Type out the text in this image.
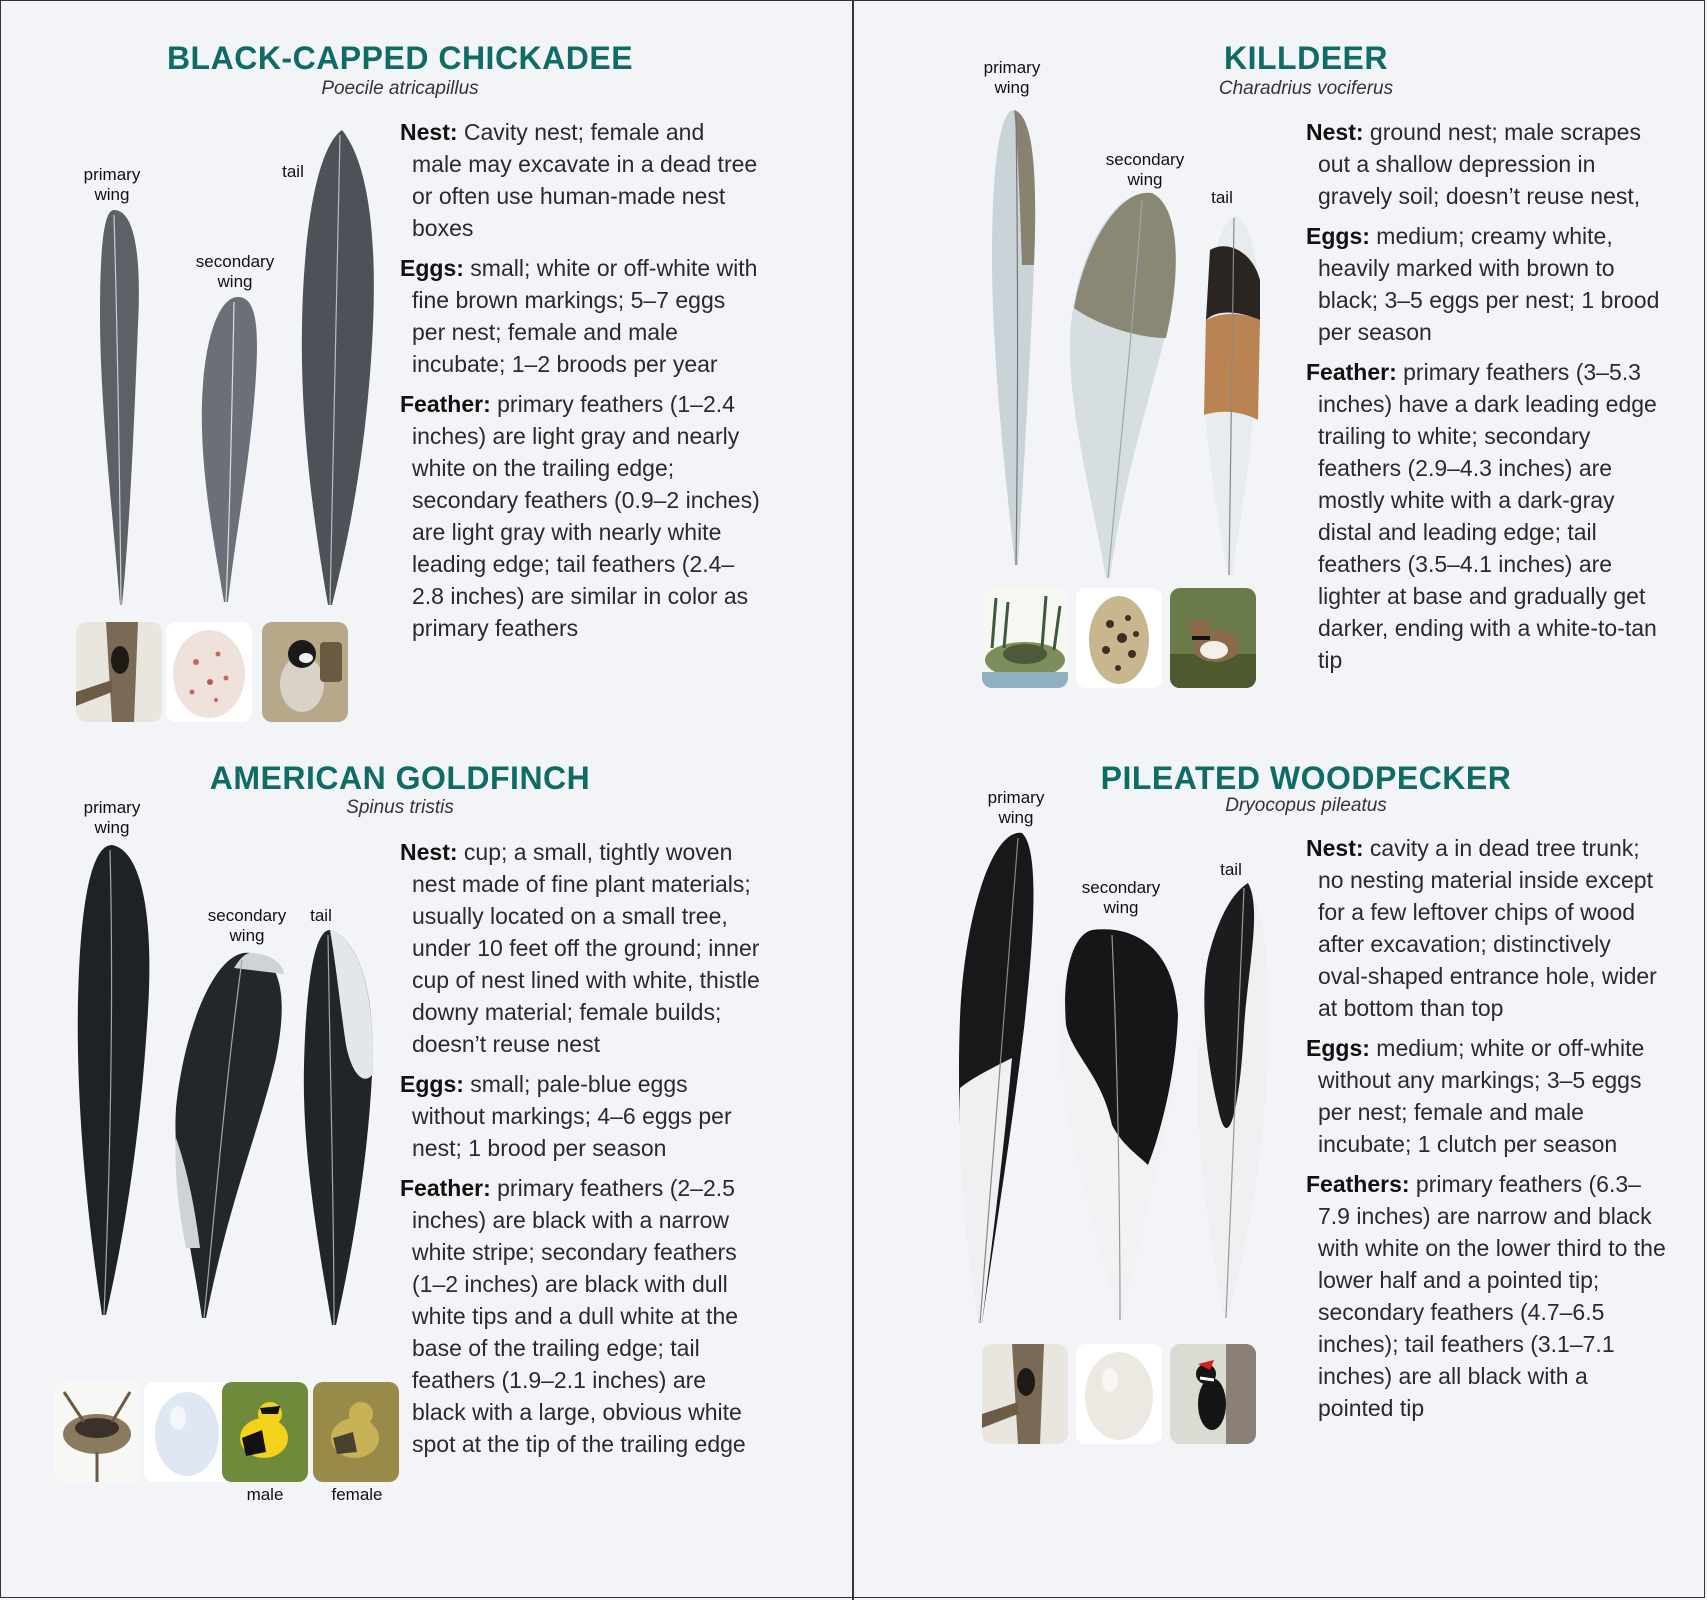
BLACK-CAPPED CHICKADEE
Poecile atricapillus
primary
wing
secondary
wing
tail

Nest: Cavity nest; female and male may excavate in a dead tree or often use human-made nest boxes

Eggs: small; white or off-white with fine brown markings; 5–7 eggs per nest; female and male incubate; 1–2 broods per year

Feather: primary feathers (1–2.4 inches) are light gray and nearly white on the trailing edge; secondary feathers (0.9–2 inches) are light gray with nearly white leading edge; tail feathers (2.4–2.8 inches) are similar in color as primary feathers

KILLDEER
Charadrius vociferus
primary
wing
secondary
wing
tail

Nest: ground nest; male scrapes out a shallow depression in gravely soil; doesn’t reuse nest,

Eggs: medium; creamy white, heavily marked with brown to black; 3–5 eggs per nest; 1 brood per season

Feather: primary feathers (3–5.3 inches) have a dark leading edge trailing to white; secondary feathers (2.9–4.3 inches) are mostly white with a dark-gray distal and leading edge; tail feathers (3.5–4.1 inches) are lighter at base and gradually get darker, ending with a white-to-tan tip

AMERICAN GOLDFINCH
Spinus tristis
primary
wing
secondary
wing
tail
male	female

Nest: cup; a small, tightly woven nest made of fine plant materials; usually located on a small tree, under 10 feet off the ground; inner cup of nest lined with white, thistle downy material; female builds; doesn’t reuse nest

Eggs: small; pale-blue eggs without markings; 4–6 eggs per nest; 1 brood per season

Feather: primary feathers (2–2.5 inches) are black with a narrow white stripe; secondary feathers (1–2 inches) are black with dull white tips and a dull white at the base of the trailing edge; tail feathers (1.9–2.1 inches) are black with a large, obvious white spot at the tip of the trailing edge

PILEATED WOODPECKER
Dryocopus pileatus
primary
wing
secondary
wing
tail

Nest: cavity a in dead tree trunk; no nesting material inside except for a few leftover chips of wood after excavation; distinctively oval-shaped entrance hole, wider at bottom than top

Eggs: medium; white or off-white without any markings; 3–5 eggs per nest; female and male incubate; 1 clutch per season

Feathers: primary feathers (6.3–7.9 inches) are narrow and black with white on the lower third to the lower half and a pointed tip; secondary feathers (4.7–6.5 inches); tail feathers (3.1–7.1 inches) are all black with a pointed tip
